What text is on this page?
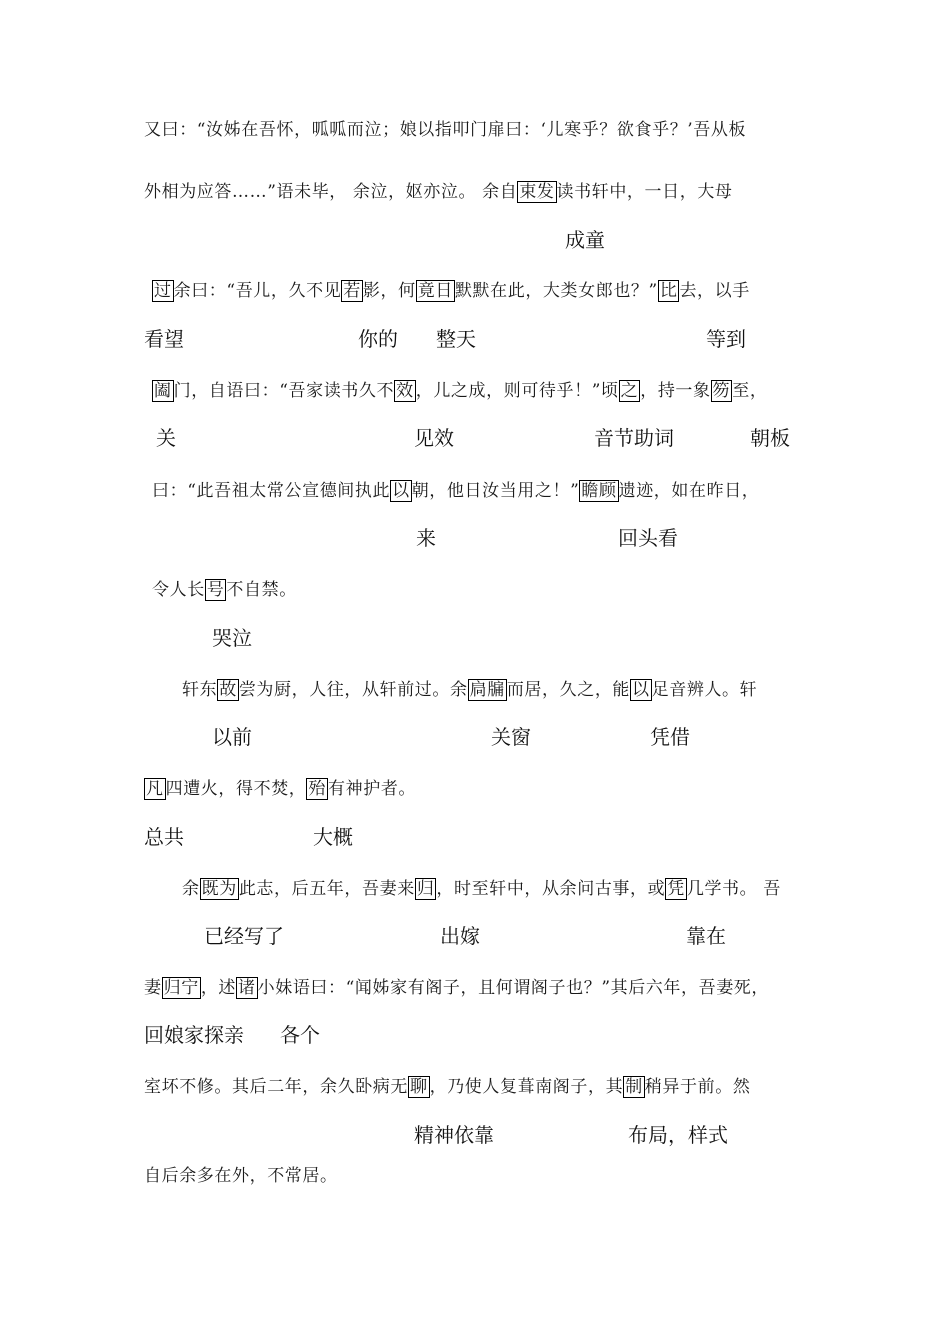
又曰：“汝姊在吾怀，呱呱而泣；娘以指叩门扉曰：‘儿寒乎？欲食乎？’吾从板
外相为应答……”语未毕， 余泣，妪亦泣。 余自 束发 读书轩中，一日，大母
成童
过 余曰：“吾儿，久不见 若 影，何 竟日 默默在此，大类女郎也？” 比 去，以手
看望	你的 整天	等到
阖 门，自语曰：“吾家读书久不 效 ，儿之成，则可待乎！”顷 之 ，持一象 笏 至，
关	见效	音节助词	朝板
曰：“此吾祖太常公宣德间执此 以 朝，他日汝当用之！” 瞻顾 遗迹，如在昨日，
来	回头看
令人长 号 不自禁。
哭泣
轩东 故 尝为厨，人往，从轩前过。余 扃牖 而居，久之，能 以 足音辨人。轩
以前	关窗	凭借
凡 四遭火，得不焚， 殆 有神护者。
总共	大概
余 既为 此志，后五年，吾妻来 归 ，时至轩中，从余问古事，或 凭 几学书。 吾
已经写了	出嫁	靠在
妻 归宁 ，述 诸 小妹语曰：“闻姊家有阁子，且何谓阁子也？”其后六年，吾妻死，
回娘家探亲 各个
室坏不修。其后二年，余久卧病无 聊 ，乃使人复葺南阁子，其 制 稍异于前。然
精神依靠	布局，样式
自后余多在外，不常居。
